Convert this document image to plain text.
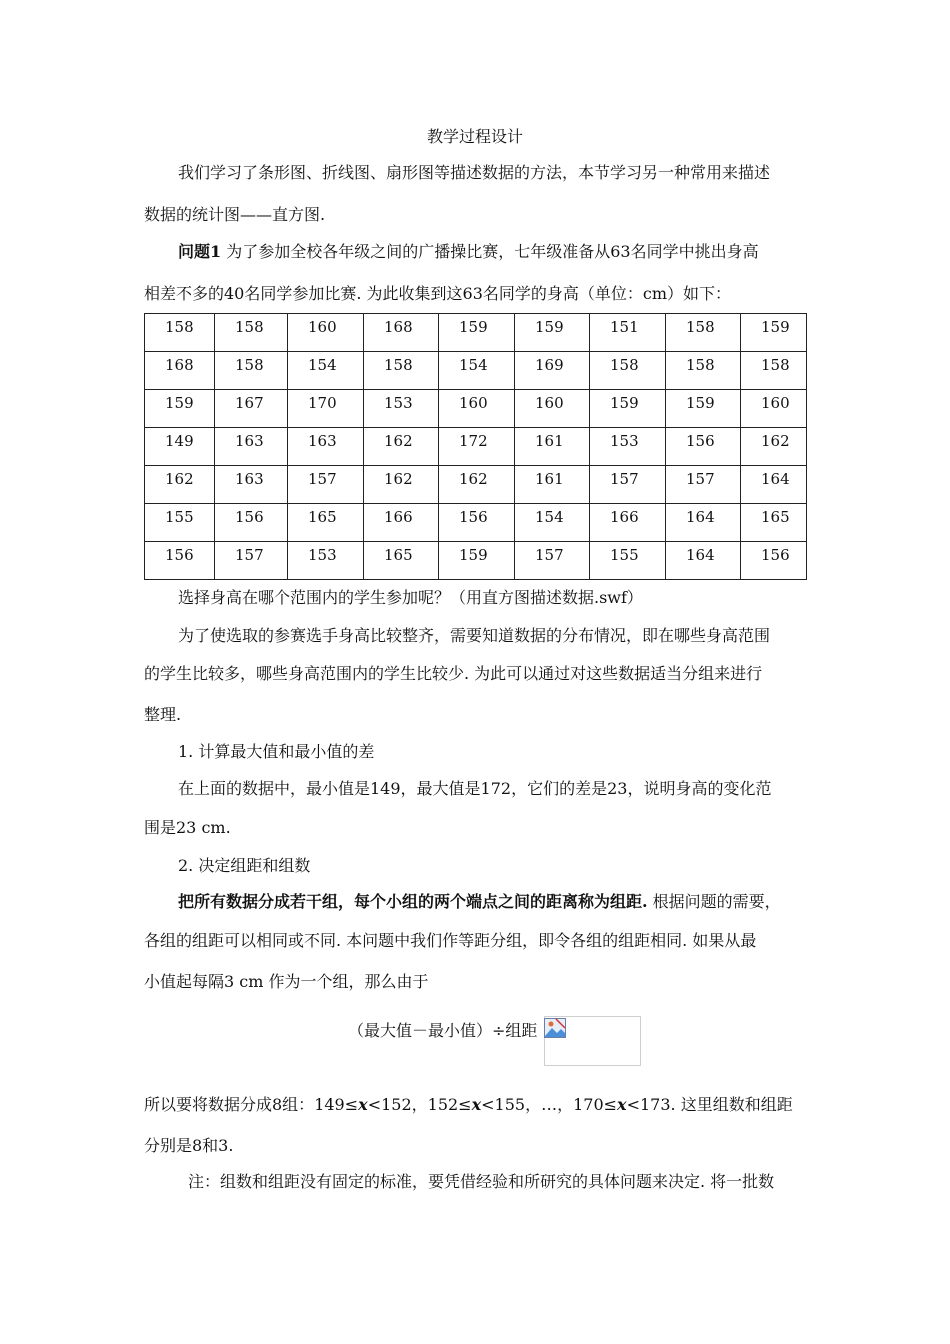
教学过程设计
我们学习了条形图、折线图、扇形图等描述数据的方法，本节学习另一种常用来描述
数据的统计图——直方图.
问题1 为了参加全校各年级之间的广播操比赛，七年级准备从63名同学中挑出身高
相差不多的40名同学参加比赛. 为此收集到这63名同学的身高（单位：cm）如下：
158	158	160	168	159	159	151	158	159
168	158	154	158	154	169	158	158	158
159	167	170	153	160	160	159	159	160
149	163	163	162	172	161	153	156	162
162	163	157	162	162	161	157	157	164
155	156	165	166	156	154	166	164	165
156	157	153	165	159	157	155	164	156
选择身高在哪个范围内的学生参加呢？（用直方图描述数据.swf）
为了使选取的参赛选手身高比较整齐，需要知道数据的分布情况，即在哪些身高范围
的学生比较多，哪些身高范围内的学生比较少. 为此可以通过对这些数据适当分组来进行
整理.
1. 计算最大值和最小值的差
在上面的数据中，最小值是149，最大值是172，它们的差是23，说明身高的变化范
围是23 cm.
2. 决定组距和组数
把所有数据分成若干组，每个小组的两个端点之间的距离称为组距. 根据问题的需要，
各组的组距可以相同或不同. 本问题中我们作等距分组，即令各组的组距相同. 如果从最
小值起每隔3 cm 作为一个组，那么由于
（最大值－最小值）÷组距
所以要将数据分成8组：149≤x<152，152≤x<155，…，170≤x<173. 这里组数和组距
分别是8和3.
注：组数和组距没有固定的标准，要凭借经验和所研究的具体问题来决定. 将一批数
